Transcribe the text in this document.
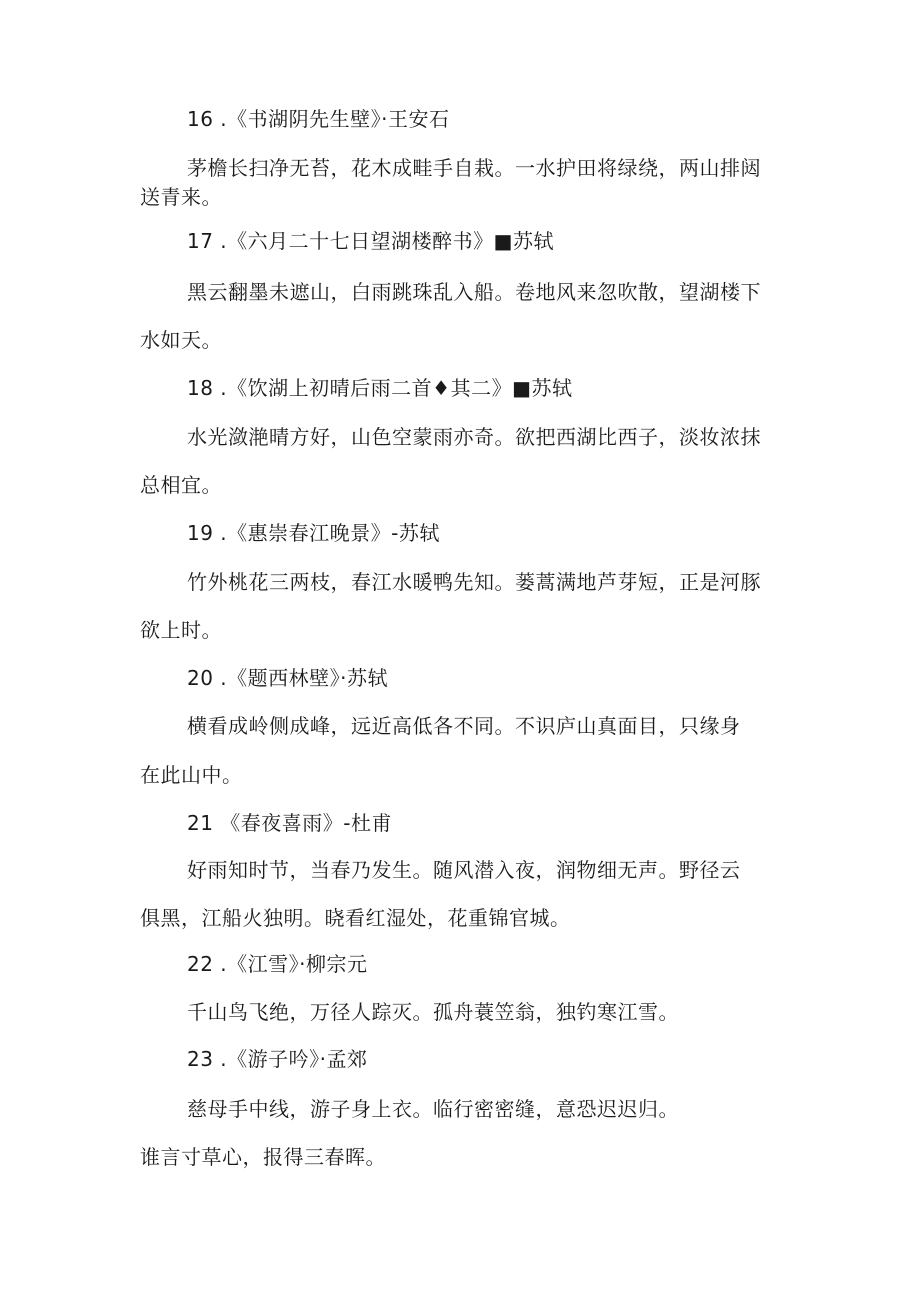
16 .《书湖阴先生壁》·王安石
茅檐长扫净无苔，花木成畦手自栽。一水护田将绿绕，两山排闼
送青来。
17 .《六月二十七日望湖楼醉书》■苏轼
黑云翻墨未遮山，白雨跳珠乱入船。卷地风来忽吹散，望湖楼下
水如天。
18 .《饮湖上初晴后雨二首♦其二》■苏轼
水光潋滟晴方好，山色空蒙雨亦奇。欲把西湖比西子，淡妆浓抹
总相宜。
19 .《惠崇春江晚景》-苏轼
竹外桃花三两枝，春江水暖鸭先知。蒌蒿满地芦芽短，正是河豚
欲上时。
20 .《题西林壁》·苏轼
横看成岭侧成峰，远近高低各不同。不识庐山真面目，只缘身
在此山中。
21 《春夜喜雨》-杜甫
好雨知时节，当春乃发生。随风潜入夜，润物细无声。野径云
俱黑，江船火独明。晓看红湿处，花重锦官城。
22 .《江雪》·柳宗元
千山鸟飞绝，万径人踪灭。孤舟蓑笠翁，独钓寒江雪。
23 .《游子吟》·孟郊
慈母手中线，游子身上衣。临行密密缝，意恐迟迟归。
谁言寸草心，报得三春晖。
